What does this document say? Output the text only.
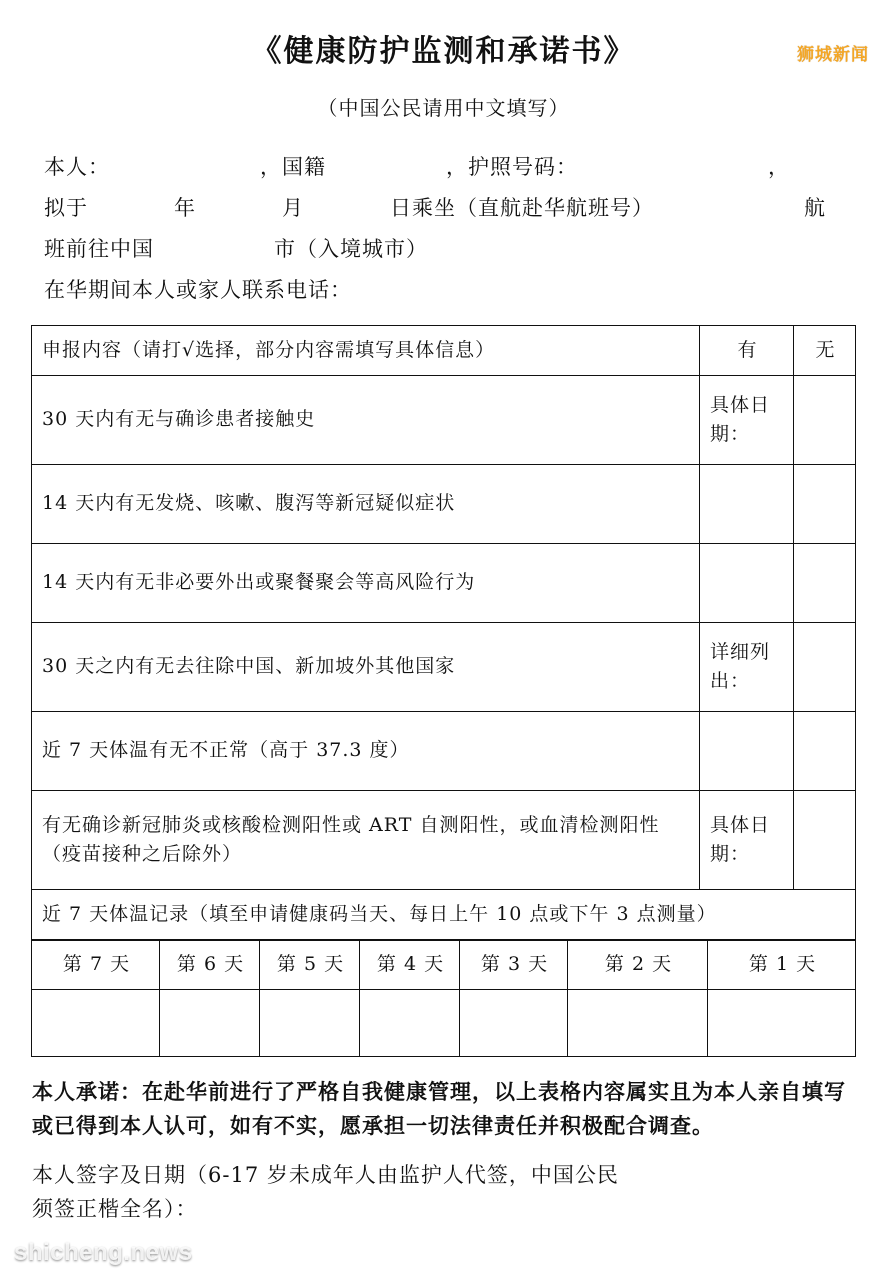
狮城新闻
《健康防护监测和承诺书》
（中国公民请用中文填写）
本人：	，国籍	，护照号码：	，
拟于	年	月	日乘坐（直航赴华航班号）	航
班前往中国	市（入境城市）
在华期间本人或家人联系电话：
申报内容（请打√选择，部分内容需填写具体信息）	有	无
30 天内有无与确诊患者接触史	具体日期：	
14 天内有无发烧、咳嗽、腹泻等新冠疑似症状		
14 天内有无非必要外出或聚餐聚会等高风险行为		
30 天之内有无去往除中国、新加坡外其他国家	详细列出：	
近 7 天体温有无不正常（高于 37.3 度）		
有无确诊新冠肺炎或核酸检测阳性或 ART 自测阳性，或血清检测阳性（疫苗接种之后除外）	具体日期：	
近 7 天体温记录（填至申请健康码当天、每日上午 10 点或下午 3 点测量）		
第 7 天	第 6 天	第 5 天	第 4 天	第 3 天	第 2 天	第 1 天

本人承诺：在赴华前进行了严格自我健康管理，以上表格内容属实且为本人亲自填写或已得到本人认可，如有不实，愿承担一切法律责任并积极配合调查。
本人签字及日期（6-17 岁未成年人由监护人代签，中国公民
须签正楷全名）：
shicheng.news
